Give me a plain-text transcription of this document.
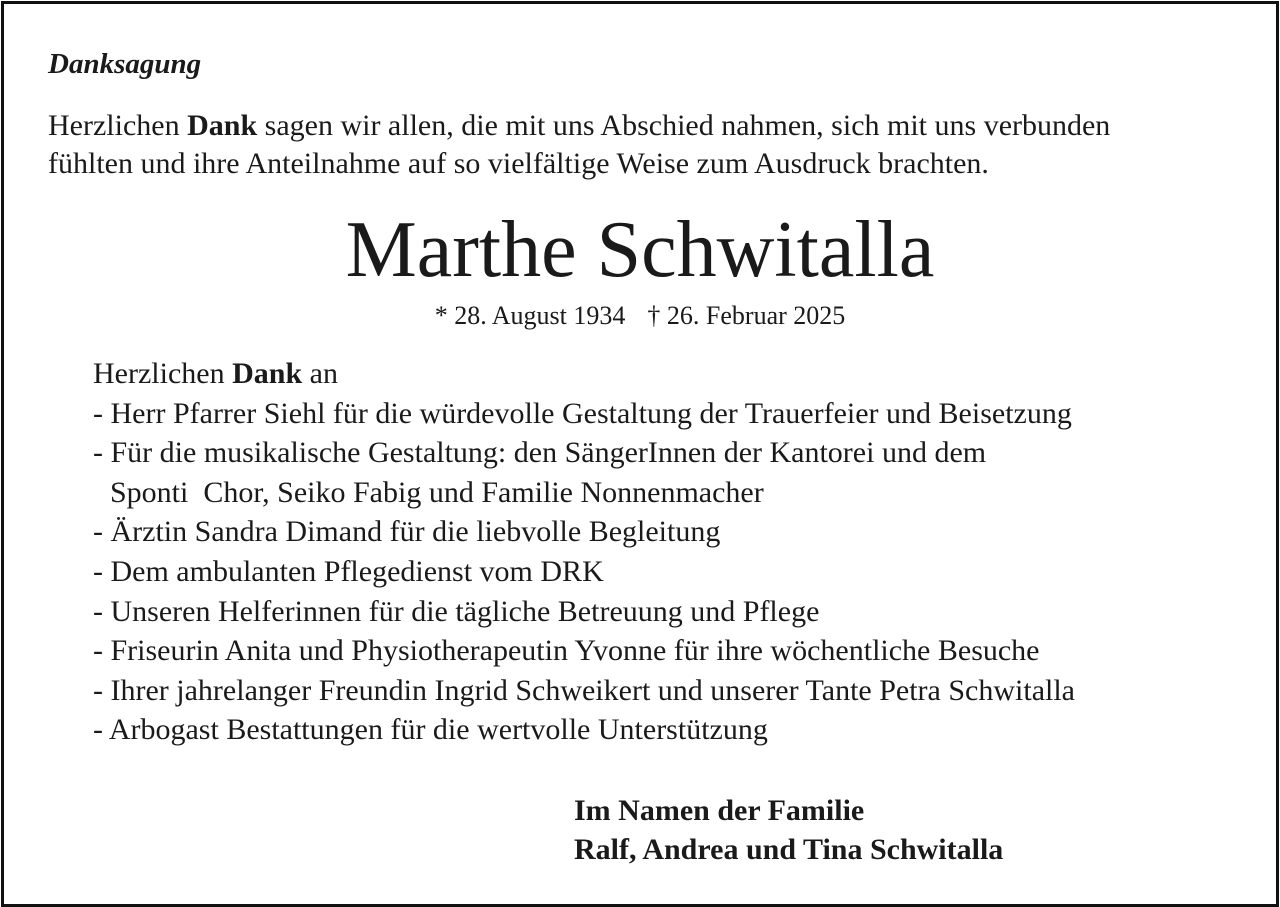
Danksagung

Herzlichen Dank sagen wir allen, die mit uns Abschied nahmen, sich mit uns verbunden
fühlten und ihre Anteilnahme auf so vielfältige Weise zum Ausdruck brachten.

Marthe Schwitalla
* 28. August 1934 † 26. Februar 2025
Herzlichen Dank an
- Herr Pfarrer Siehl für die würdevolle Gestaltung der Trauerfeier und Beisetzung
- Für die musikalische Gestaltung: den SängerInnen der Kantorei und dem
Sponti  Chor, Seiko Fabig und Familie Nonnenmacher
- Ärztin Sandra Dimand für die liebvolle Begleitung
- Dem ambulanten Pflegedienst vom DRK
- Unseren Helferinnen für die tägliche Betreuung und Pflege
- Friseurin Anita und Physiotherapeutin Yvonne für ihre wöchentliche Besuche
- Ihrer jahrelanger Freundin Ingrid Schweikert und unserer Tante Petra Schwitalla
- Arbogast Bestattungen für die wertvolle Unterstützung
Im Namen der Familie
Ralf, Andrea und Tina Schwitalla
